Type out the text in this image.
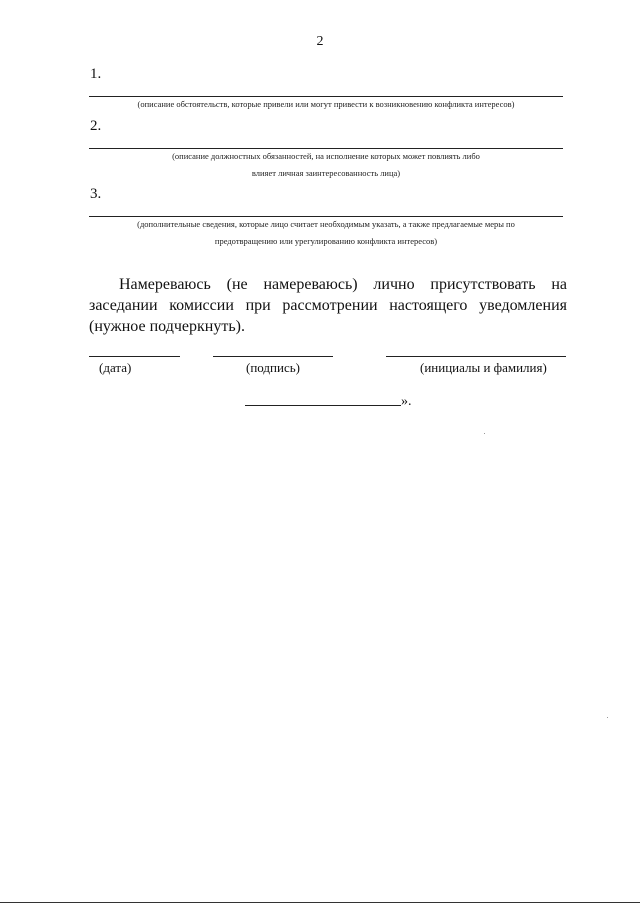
2
1.
(описание обстоятельств, которые привели или могут привести к возникновению конфликта интересов)
2.
(описание должностных обязанностей, на исполнение которых может повлиять либо
влияет личная заинтересованность лица)
3.
(дополнительные сведения, которые лицо считает необходимым указать, а также предлагаемые меры по
предотвращению или урегулированию конфликта интересов)
Намереваюсь (не намереваюсь) лично присутствовать на заседании комиссии при рассмотрении настоящего уведомления (нужное подчеркнуть).
(дата)	(подпись)	(инициалы и фамилия)
».
